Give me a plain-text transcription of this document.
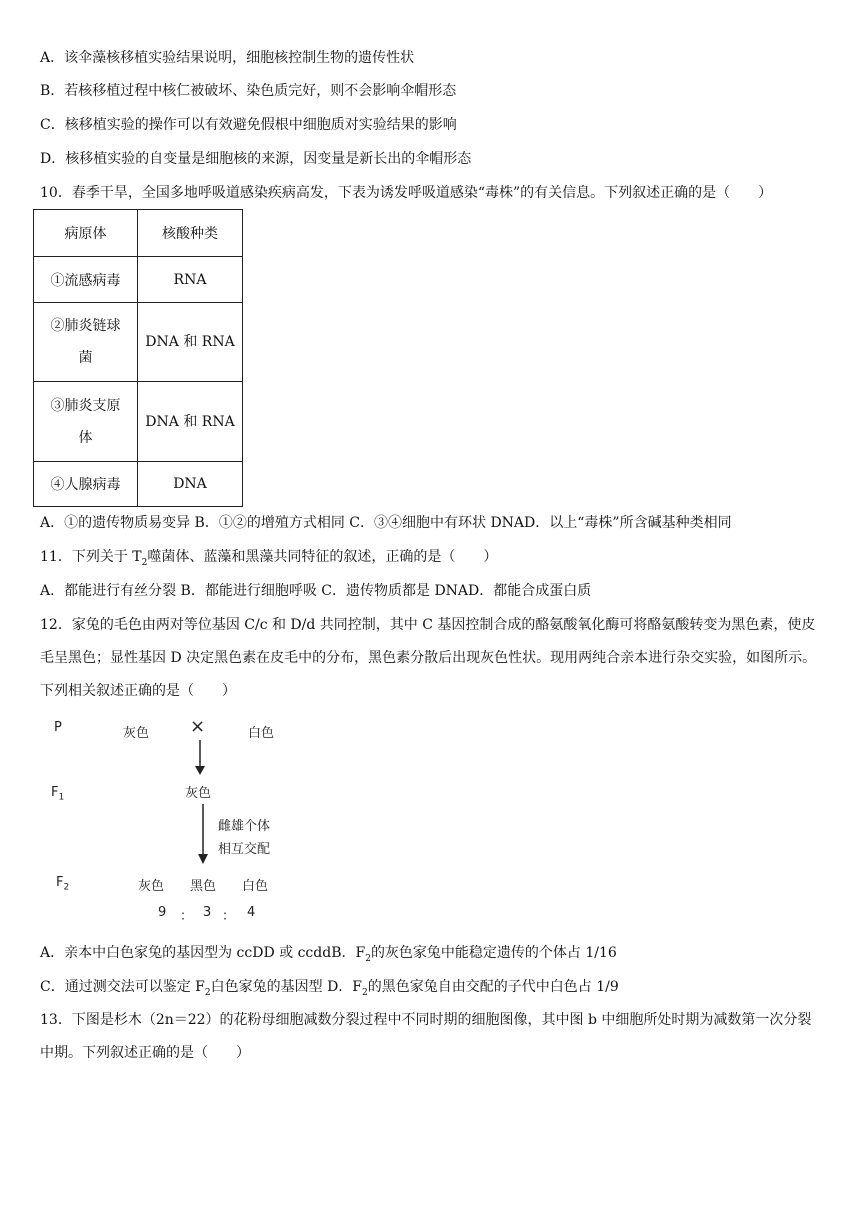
A．该伞藻核移植实验结果说明，细胞核控制生物的遗传性状
B．若核移植过程中核仁被破坏、染色质完好，则不会影响伞帽形态
C．核移植实验的操作可以有效避免假根中细胞质对实验结果的影响
D．核移植实验的自变量是细胞核的来源，因变量是新长出的伞帽形态
10．春季干旱，全国多地呼吸道感染疾病高发，下表为诱发呼吸道感染“毒株”的有关信息。下列叙述正确的是（　　）
病原体	核酸种类
①流感病毒	RNA
②肺炎链球
菌	DNA 和 RNA
③肺炎支原
体	DNA 和 RNA
④人腺病毒	DNA
A．①的遗传物质易变异 B．①②的增殖方式相同 C．③④细胞中有环状 DNAD．以上“毒株”所含碱基种类相同
11．下列关于 $T_2$噬菌体、蓝藻和黑藻共同特征的叙述，正确的是（　　）
A．都能进行有丝分裂 B．都能进行细胞呼吸 C．遗传物质都是 DNAD．都能合成蛋白质
12．家兔的毛色由两对等位基因 C/c 和 D/d 共同控制，其中 C 基因控制合成的酪氨酸氧化酶可将酪氨酸转变为黑色素，使皮毛呈黑色；显性基因 D 决定黑色素在皮毛中的分布，黑色素分散后出现灰色性状。现用两纯合亲本进行杂交实验，如图所示。下列相关叙述正确的是（　　）
P	灰色 ×	白色
$F_1$	灰色
雌雄个体
相互交配
$F_2$	灰色 黑色 白色
9 ： 3 ： 4
A．亲本中白色家兔的基因型为 ccDD 或 ccddB．$F_2$的灰色家兔中能稳定遗传的个体占 1/16
C．通过测交法可以鉴定 $F_2$白色家兔的基因型 D．$F_2$的黑色家兔自由交配的子代中白色占 1/9
13．下图是杉木（2n＝22）的花粉母细胞减数分裂过程中不同时期的细胞图像，其中图 b 中细胞所处时期为减数第一次分裂中期。下列叙述正确的是（　　）
